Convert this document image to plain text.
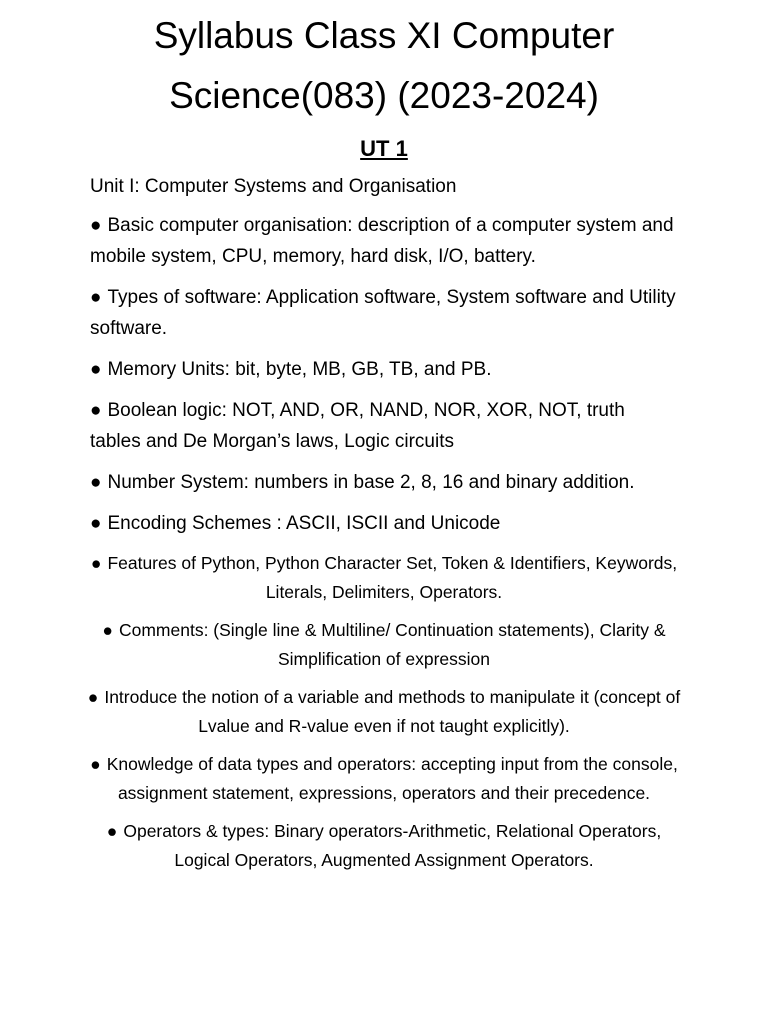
Syllabus Class XI Computer
Science(083) (2023-2024)
UT 1
Unit I: Computer Systems and Organisation
● Basic computer organisation: description of a computer system and mobile system, CPU, memory, hard disk, I/O, battery.
● Types of software: Application software, System software and Utility software.
● Memory Units: bit, byte, MB, GB, TB, and PB.
● Boolean logic: NOT, AND, OR, NAND, NOR, XOR, NOT, truth tables and De Morgan’s laws, Logic circuits
● Number System: numbers in base 2, 8, 16 and binary addition.
● Encoding Schemes : ASCII, ISCII and Unicode
● Features of Python, Python Character Set, Token & Identifiers, Keywords, Literals, Delimiters, Operators.
● Comments: (Single line & Multiline/ Continuation statements), Clarity & Simplification of expression
● Introduce the notion of a variable and methods to manipulate it (concept of Lvalue and R-value even if not taught explicitly).
● Knowledge of data types and operators: accepting input from the console, assignment statement, expressions, operators and their precedence.
● Operators & types: Binary operators-Arithmetic, Relational Operators, Logical Operators, Augmented Assignment Operators.
